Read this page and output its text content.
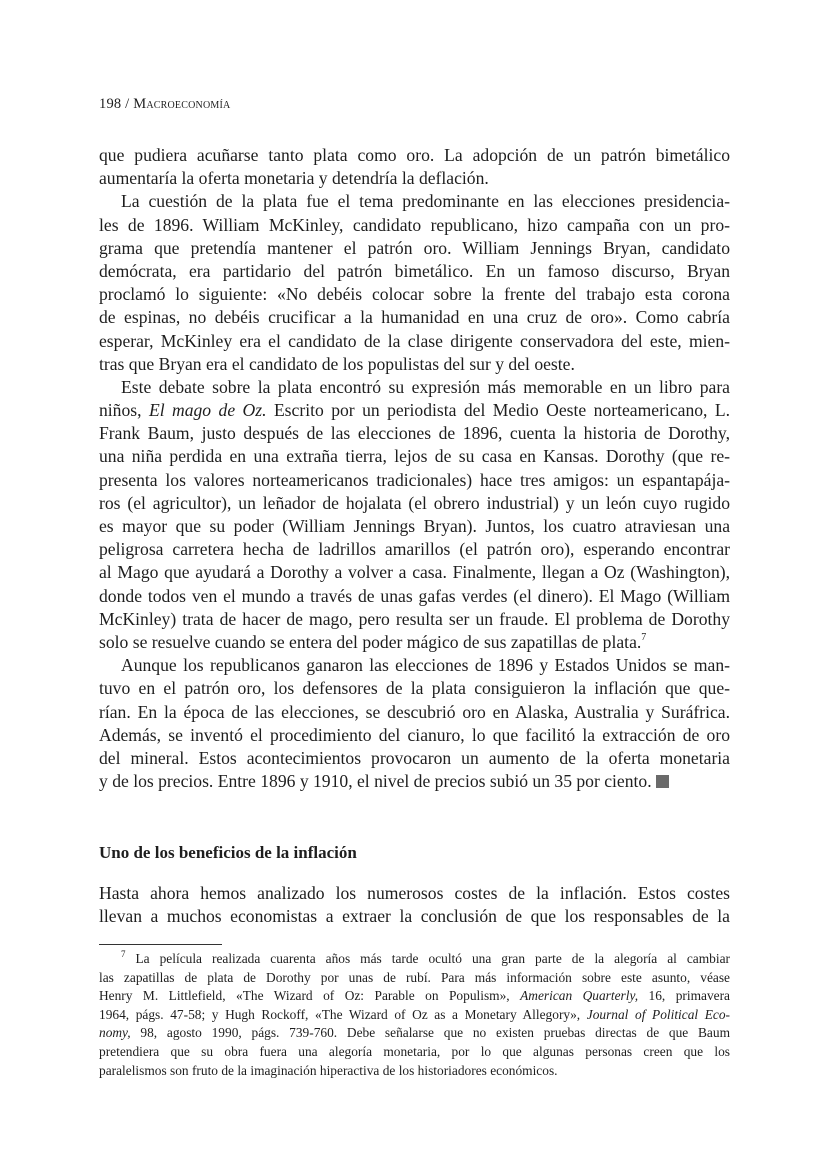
198 / Macroeconomía
que pudiera acuñarse tanto plata como oro. La adopción de un patrón bimetálico
aumentaría la oferta monetaria y detendría la deflación.
La cuestión de la plata fue el tema predominante en las elecciones presidencia-
les de 1896. William McKinley, candidato republicano, hizo campaña con un pro-
grama que pretendía mantener el patrón oro. William Jennings Bryan, candidato
demócrata, era partidario del patrón bimetálico. En un famoso discurso, Bryan
proclamó lo siguiente: «No debéis colocar sobre la frente del trabajo esta corona
de espinas, no debéis crucificar a la humanidad en una cruz de oro». Como cabría
esperar, McKinley era el candidato de la clase dirigente conservadora del este, mien-
tras que Bryan era el candidato de los populistas del sur y del oeste.
Este debate sobre la plata encontró su expresión más memorable en un libro para
niños, El mago de Oz. Escrito por un periodista del Medio Oeste norteamericano, L.
Frank Baum, justo después de las elecciones de 1896, cuenta la historia de Dorothy,
una niña perdida en una extraña tierra, lejos de su casa en Kansas. Dorothy (que re-
presenta los valores norteamericanos tradicionales) hace tres amigos: un espantapája-
ros (el agricultor), un leñador de hojalata (el obrero industrial) y un león cuyo rugido
es mayor que su poder (William Jennings Bryan). Juntos, los cuatro atraviesan una
peligrosa carretera hecha de ladrillos amarillos (el patrón oro), esperando encontrar
al Mago que ayudará a Dorothy a volver a casa. Finalmente, llegan a Oz (Washington),
donde todos ven el mundo a través de unas gafas verdes (el dinero). El Mago (William
McKinley) trata de hacer de mago, pero resulta ser un fraude. El problema de Dorothy
solo se resuelve cuando se entera del poder mágico de sus zapatillas de plata.$^7$
Aunque los republicanos ganaron las elecciones de 1896 y Estados Unidos se man-
tuvo en el patrón oro, los defensores de la plata consiguieron la inflación que que-
rían. En la época de las elecciones, se descubrió oro en Alaska, Australia y Suráfrica.
Además, se inventó el procedimiento del cianuro, lo que facilitó la extracción de oro
del mineral. Estos acontecimientos provocaron un aumento de la oferta monetaria
y de los precios. Entre 1896 y 1910, el nivel de precios subió un 35 por ciento.
Uno de los beneficios de la inflación
Hasta ahora hemos analizado los numerosos costes de la inflación. Estos costes
llevan a muchos economistas a extraer la conclusión de que los responsables de la
$^7$ La película realizada cuarenta años más tarde ocultó una gran parte de la alegoría al cambiar
las zapatillas de plata de Dorothy por unas de rubí. Para más información sobre este asunto, véase
Henry M. Littlefield, «The Wizard of Oz: Parable on Populism», American Quarterly, 16, primavera
1964, págs. 47-58; y Hugh Rockoff, «The Wizard of Oz as a Monetary Allegory», Journal of Political Eco-
nomy, 98, agosto 1990, págs. 739-760. Debe señalarse que no existen pruebas directas de que Baum
pretendiera que su obra fuera una alegoría monetaria, por lo que algunas personas creen que los
paralelismos son fruto de la imaginación hiperactiva de los historiadores económicos.
